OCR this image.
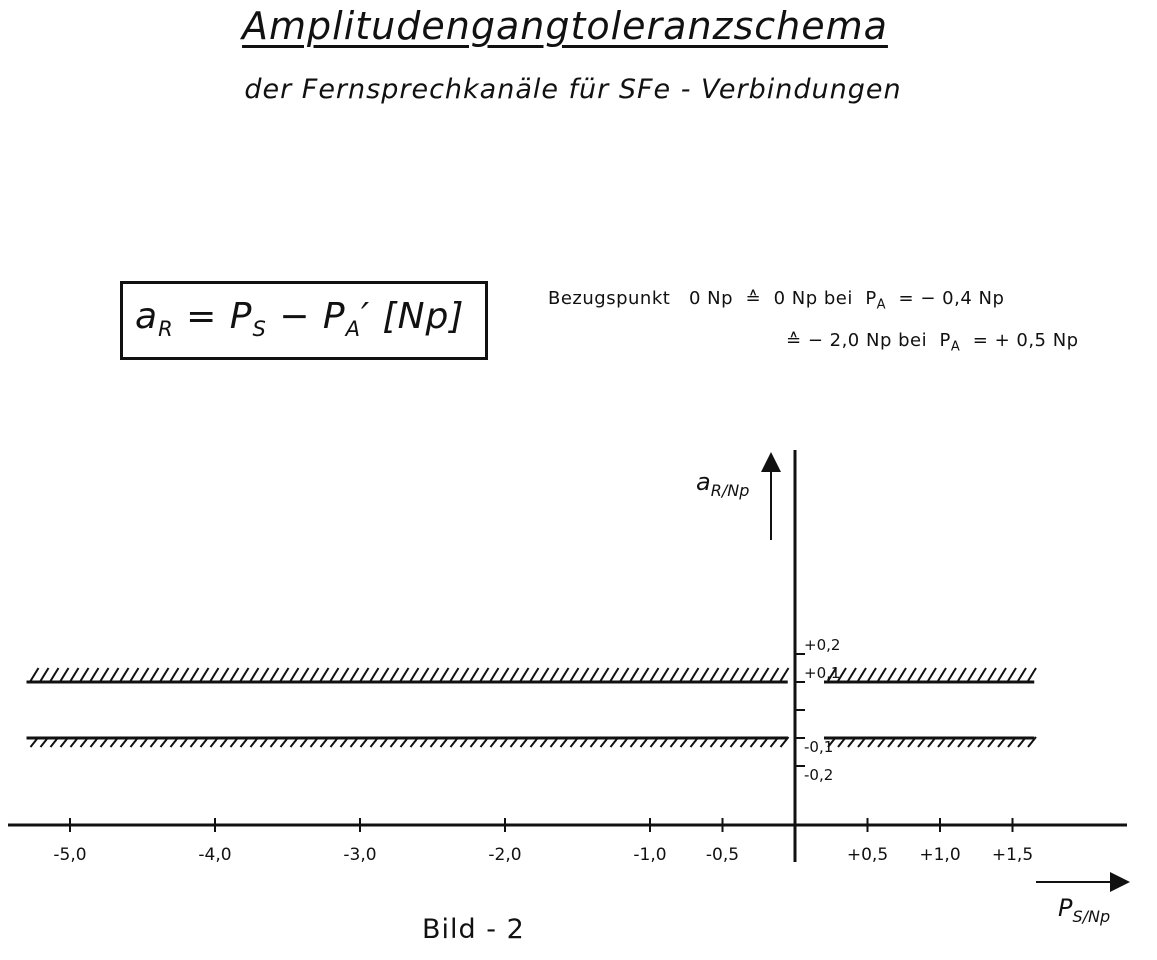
Amplitudengangtoleranzschema
der Fernsprechkanäle für SFe - Verbindungen
$a_R = P_S - P_A'$ [Np]	Bezugspunkt 0 Np ≙ 0 Np bei $P_A$ = − 0,4 Np
≙ − 2,0 Np bei $P_A$ = + 0,5 Np
$a_{R/Np}$
$P_{S/Np}$
-5,0	-4,0	-3,0	-2,0	-1,0 -0,5	+0,5 +1,0 +1,5
+0,2
+0,1
-0,1
-0,2
Bild - 2
